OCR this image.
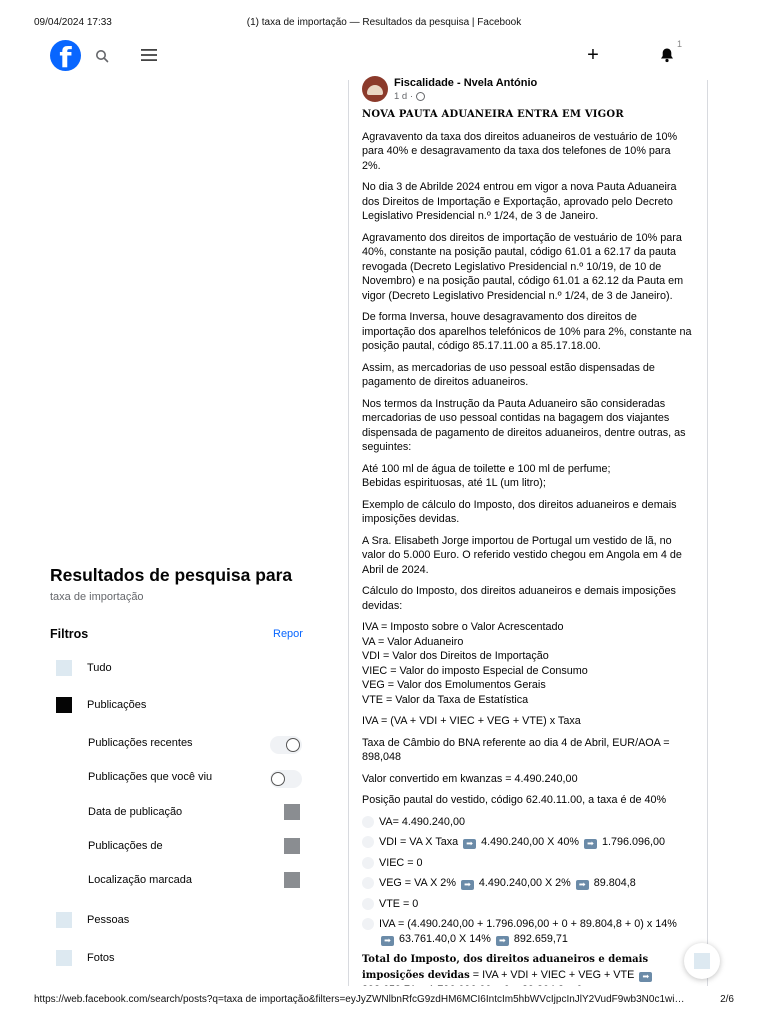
09/04/2024 17:33	(1) taxa de importação — Resultados da pesquisa | Facebook
f	+	1
Resultados de pesquisa para
taxa de importação
Filtros	Repor
Tudo
Publicações
Publicações recentes
Publicações que você viu
Data de publicação
Publicações de
Localização marcada
Pessoas
Fotos
Fiscalidade - Nvela António
1 d ·

NOVA PAUTA ADUANEIRA ENTRA EM VIGOR

Agravavento da taxa dos direitos aduaneiros de vestuário de 10% para 40% e desagravamento da taxa dos telefones de 10% para 2%.

No dia 3 de Abrilde 2024 entrou em vigor a nova Pauta Aduaneira dos Direitos de Importação e Exportação, aprovado pelo Decreto Legislativo Presidencial n.º 1/24, de 3 de Janeiro.

Agravamento dos direitos de importação de vestuário de 10% para 40%, constante na posição pautal, código 61.01 a 62.17 da pauta revogada (Decreto Legislativo Presidencial n.º 10/19, de 10 de Novembro) e na posição pautal, código 61.01 a 62.12 da Pauta em vigor (Decreto Legislativo Presidencial n.º 1/24, de 3 de Janeiro).

De forma Inversa, houve desagravamento dos direitos de importação dos aparelhos telefónicos de 10% para 2%, constante na posição pautal, código 85.17.11.00 a 85.17.18.00.

Assim, as mercadorias de uso pessoal estão dispensadas de pagamento de direitos aduaneiros.

Nos termos da Instrução da Pauta Aduaneiro são consideradas mercadorias de uso pessoal contidas na bagagem dos viajantes dispensada de pagamento de direitos aduaneiros, dentre outras, as seguintes:

Até 100 ml de água de toilette e 100 ml de perfume;
Bebidas espirituosas, até 1L (um litro);

Exemplo de cálculo do Imposto, dos direitos aduaneiros e demais imposições devidas.

A Sra. Elisabeth Jorge importou de Portugal um vestido de lã, no valor do 5.000 Euro. O referido vestido chegou em Angola em 4 de Abril de 2024.

Cálculo do Imposto, dos direitos aduaneiros e demais imposições devidas:

IVA = Imposto sobre o Valor Acrescentado
VA = Valor Aduaneiro
VDI = Valor dos Direitos de Importação
VIEC = Valor do imposto Especial de Consumo
VEG = Valor dos Emolumentos Gerais
VTE = Valor da Taxa de Estatística

IVA = (VA + VDI + VIEC + VEG + VTE) x Taxa

Taxa de Câmbio do BNA referente ao dia 4 de Abril, EUR/AOA = 898,048

Valor convertido em kwanzas = 4.490.240,00

Posição pautal do vestido, código 62.40.11.00, a taxa é de 40%

VA= 4.490.240,00
VDI = VA X Taxa ➡ 4.490.240,00 X 40% ➡ 1.796.096,00
VIEC = 0
VEG = VA X 2% ➡ 4.490.240,00 X 2% ➡ 89.804,8
VTE = 0
IVA = (4.490.240,00 + 1.796.096,00 + 0 + 89.804,8 + 0) x 14% ➡ 63.761.40,0 X 14% ➡ 892.659,71

Total do Imposto, dos direitos aduaneiros e demais imposições devidas = IVA + VDI + VIEC + VEG + VTE ➡

https://web.facebook.com/search/posts?q=taxa de importação&filters=eyJyZWNlbnRfcG9zdHM6MCI6IntcIm5hbWVcIjpcInJlY2VudF9wb3N0c1wi…	2/6
